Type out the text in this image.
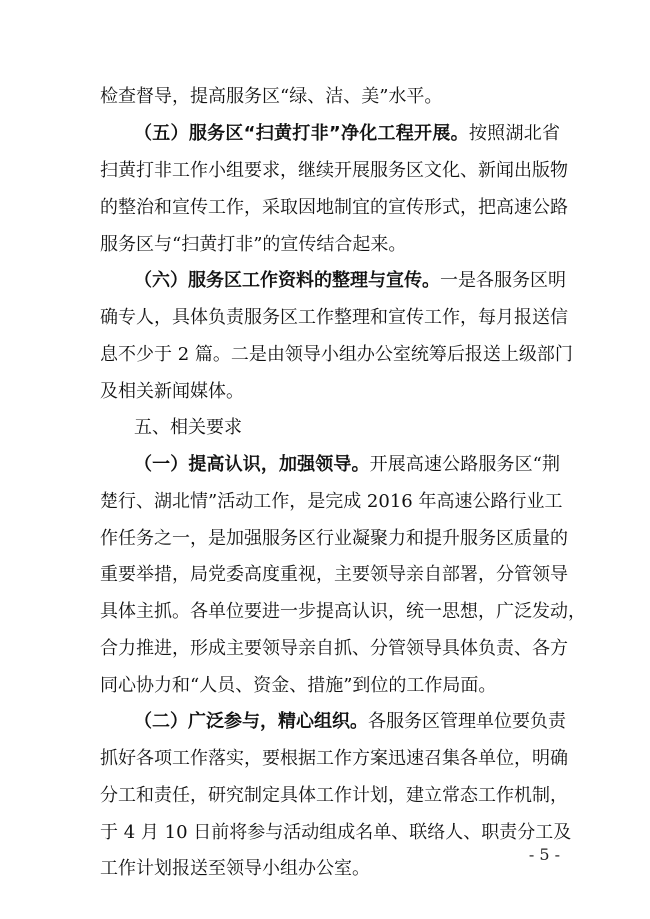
检查督导，提高服务区“绿、洁、美”水平。
（五）服务区“扫黄打非”净化工程开展。按照湖北省
扫黄打非工作小组要求，继续开展服务区文化、新闻出版物
的整治和宣传工作，采取因地制宜的宣传形式，把高速公路
服务区与“扫黄打非”的宣传结合起来。
（六）服务区工作资料的整理与宣传。一是各服务区明
确专人，具体负责服务区工作整理和宣传工作，每月报送信
息不少于 2 篇。二是由领导小组办公室统筹后报送上级部门
及相关新闻媒体。
五、相关要求
（一）提高认识，加强领导。开展高速公路服务区“荆
楚行、湖北情”活动工作，是完成 2016 年高速公路行业工
作任务之一，是加强服务区行业凝聚力和提升服务区质量的
重要举措，局党委高度重视，主要领导亲自部署，分管领导
具体主抓。各单位要进一步提高认识，统一思想，广泛发动，
合力推进，形成主要领导亲自抓、分管领导具体负责、各方
同心协力和“人员、资金、措施”到位的工作局面。
（二）广泛参与，精心组织。各服务区管理单位要负责
抓好各项工作落实，要根据工作方案迅速召集各单位，明确
分工和责任，研究制定具体工作计划，建立常态工作机制，
于 4 月 10 日前将参与活动组成名单、联络人、职责分工及
工作计划报送至领导小组办公室。
- 5 -
